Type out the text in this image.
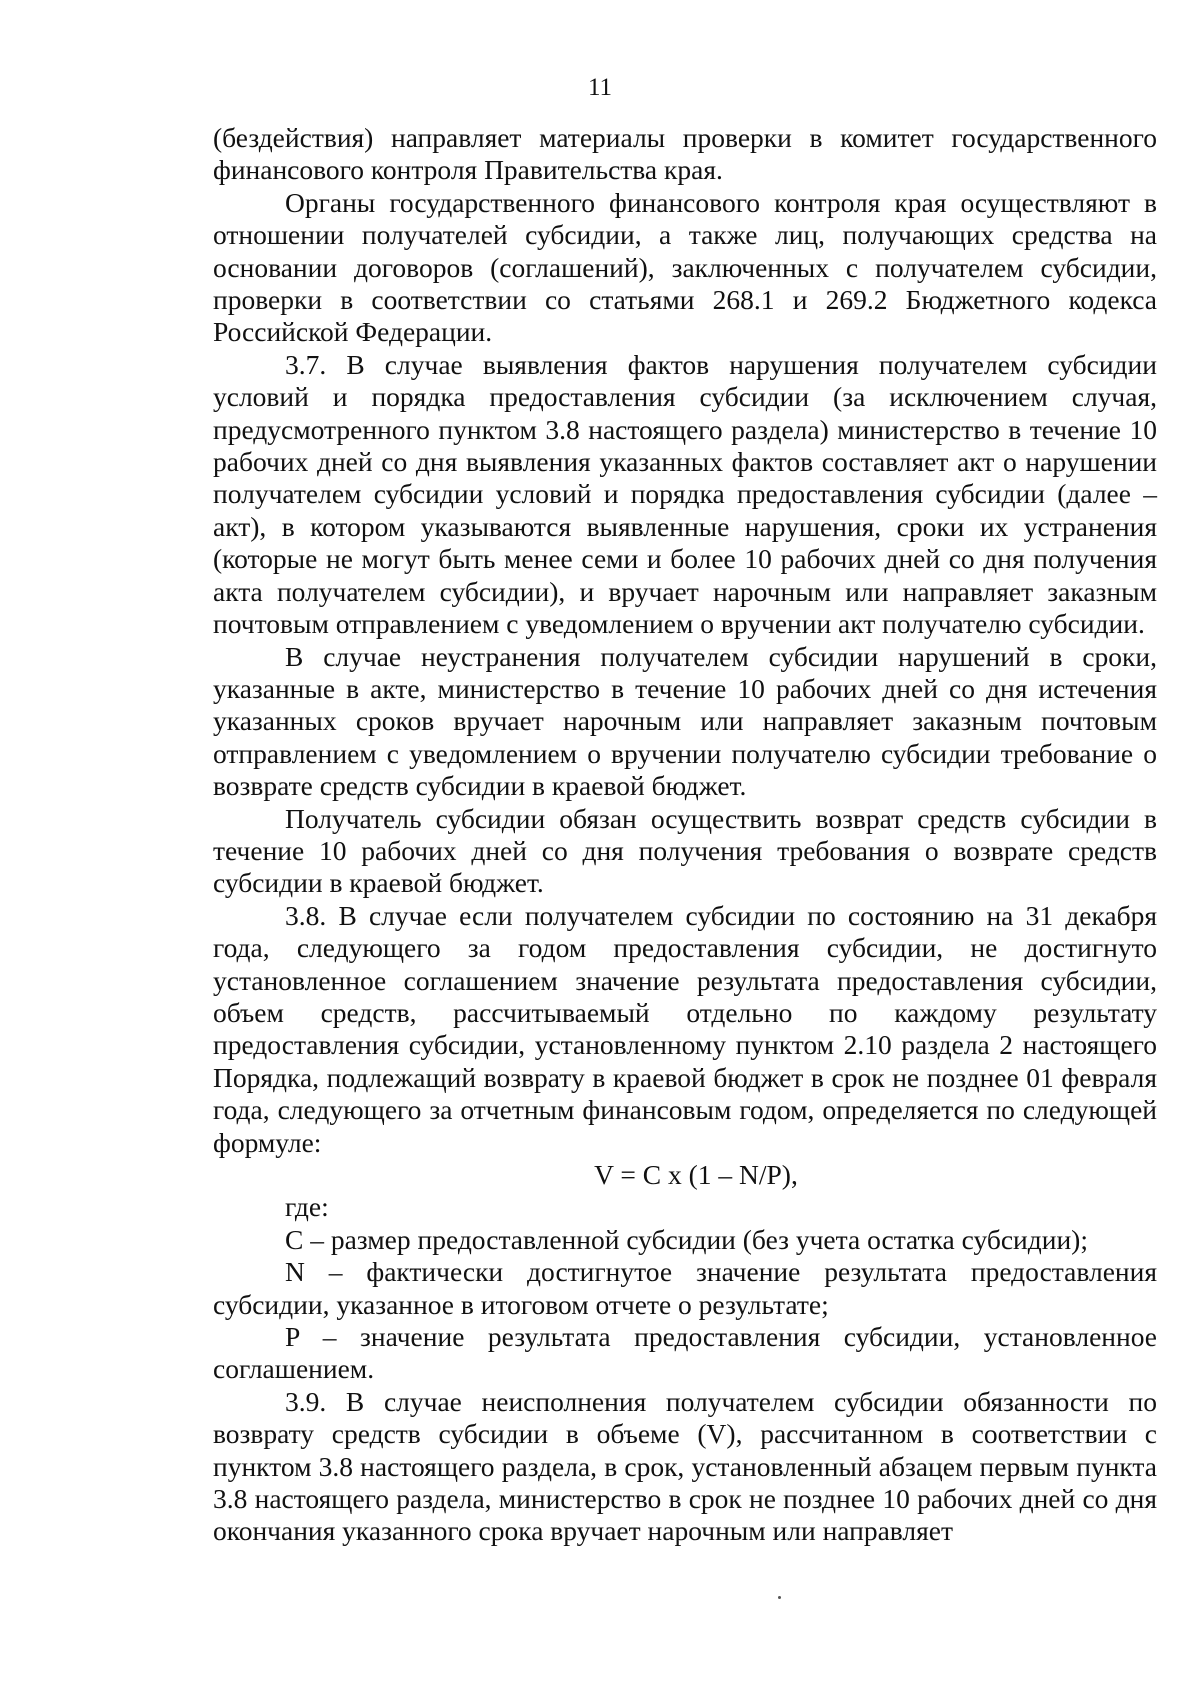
11

(бездействия) направляет материалы проверки в комитет государственного финансового контроля Правительства края.

Органы государственного финансового контроля края осуществляют в отношении получателей субсидии, а также лиц, получающих средства на основании договоров (соглашений), заключенных с получателем субсидии, проверки в соответствии со статьями 268.1 и 269.2 Бюджетного кодекса Российской Федерации.

3.7. В случае выявления фактов нарушения получателем субсидии условий и порядка предоставления субсидии (за исключением случая, предусмотренного пунктом 3.8 настоящего раздела) министерство в течение 10 рабочих дней со дня выявления указанных фактов составляет акт о нарушении получателем субсидии условий и порядка предоставления субсидии (далее – акт), в котором указываются выявленные нарушения, сроки их устранения (которые не могут быть менее семи и более 10 рабочих дней со дня получения акта получателем субсидии), и вручает нарочным или направляет заказным почтовым отправлением с уведомлением о вручении акт получателю субсидии.

В случае неустранения получателем субсидии нарушений в сроки, указанные в акте, министерство в течение 10 рабочих дней со дня истечения указанных сроков вручает нарочным или направляет заказным почтовым отправлением с уведомлением о вручении получателю субсидии требование о возврате средств субсидии в краевой бюджет.

Получатель субсидии обязан осуществить возврат средств субсидии в течение 10 рабочих дней со дня получения требования о возврате средств субсидии в краевой бюджет.

3.8. В случае если получателем субсидии по состоянию на 31 декабря года, следующего за годом предоставления субсидии, не достигнуто установленное соглашением значение результата предоставления субсидии, объем средств, рассчитываемый отдельно по каждому результату предоставления субсидии, установленному пунктом 2.10 раздела 2 настоящего Порядка, подлежащий возврату в краевой бюджет в срок не позднее 01 февраля года, следующего за отчетным финансовым годом, определяется по следующей формуле:

V = C x (1 – N/P),

где:

C – размер предоставленной субсидии (без учета остатка субсидии);

N – фактически достигнутое значение результата предоставления субсидии, указанное в итоговом отчете о результате;

P – значение результата предоставления субсидии, установленное соглашением.

3.9. В случае неисполнения получателем субсидии обязанности по возврату средств субсидии в объеме (V), рассчитанном в соответствии с пунктом 3.8 настоящего раздела, в срок, установленный абзацем первым пункта 3.8 настоящего раздела, министерство в срок не позднее 10 рабочих дней со дня окончания указанного срока вручает нарочным или направляет
